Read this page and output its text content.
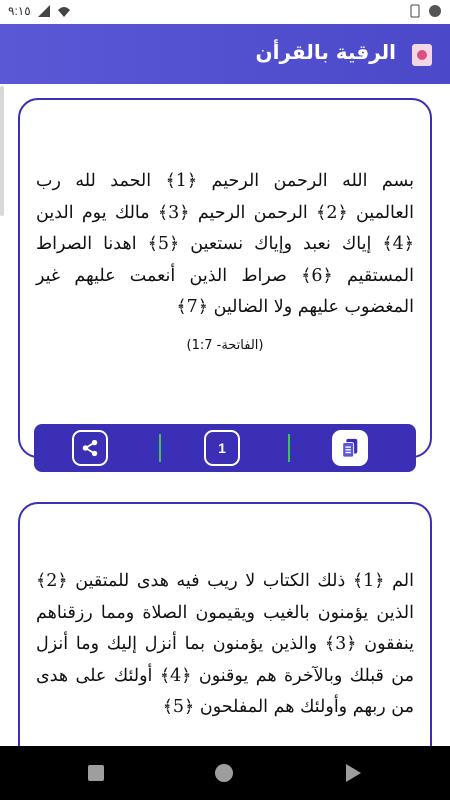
٩:١٥
الرقية بالقرأن
بسم الله الرحمن الرحيم ﴿1﴾ الحمد لله رب العالمين ﴿2﴾ الرحمن الرحيم ﴿3﴾ مالك يوم الدين ﴿4﴾ إياك نعبد وإياك نستعين ﴿5﴾ اهدنا الصراط المستقيم ﴿6﴾ صراط الذين أنعمت عليهم غير المغضوب عليهم ولا الضالين ﴿7﴾
(الفاتحة- 1:7)
1
الم ﴿1﴾ ذلك الكتاب لا ريب فيه هدى للمتقين ﴿2﴾ الذين يؤمنون بالغيب ويقيمون الصلاة ومما رزقناهم ينفقون ﴿3﴾ والذين يؤمنون بما أنزل إليك وما أنزل من قبلك وبالآخرة هم يوقنون ﴿4﴾ أولئك على هدى من ربهم وأولئك هم المفلحون ﴿5﴾
